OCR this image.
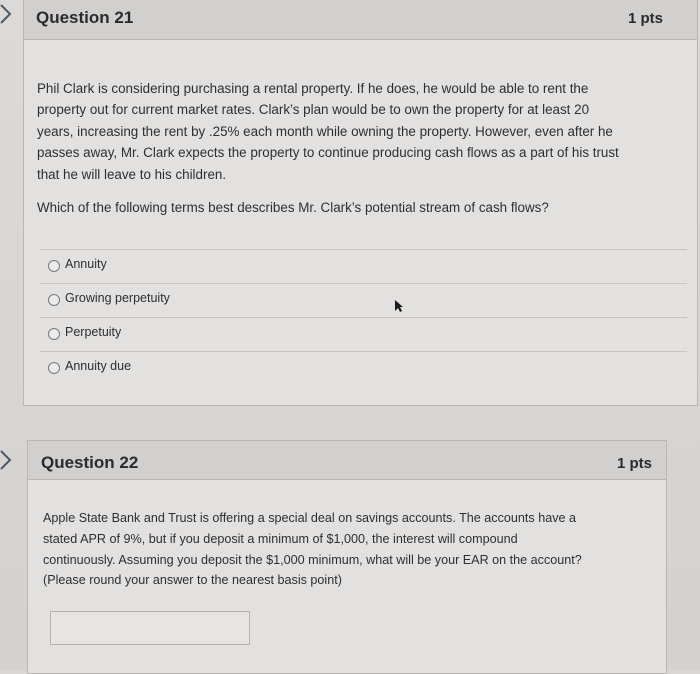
Question 21	1 pts
Phil Clark is considering purchasing a rental property. If he does, he would be able to rent the
property out for current market rates. Clark’s plan would be to own the property for at least 20
years, increasing the rent by .25% each month while owning the property. However, even after he
passes away, Mr. Clark expects the property to continue producing cash flows as a part of his trust
that he will leave to his children.
Which of the following terms best describes Mr. Clark’s potential stream of cash flows?
Annuity
Growing perpetuity
Perpetuity
Annuity due
Question 22	1 pts
Apple State Bank and Trust is offering a special deal on savings accounts. The accounts have a
stated APR of 9%, but if you deposit a minimum of $1,000, the interest will compound
continuously. Assuming you deposit the $1,000 minimum, what will be your EAR on the account?
(Please round your answer to the nearest basis point)
